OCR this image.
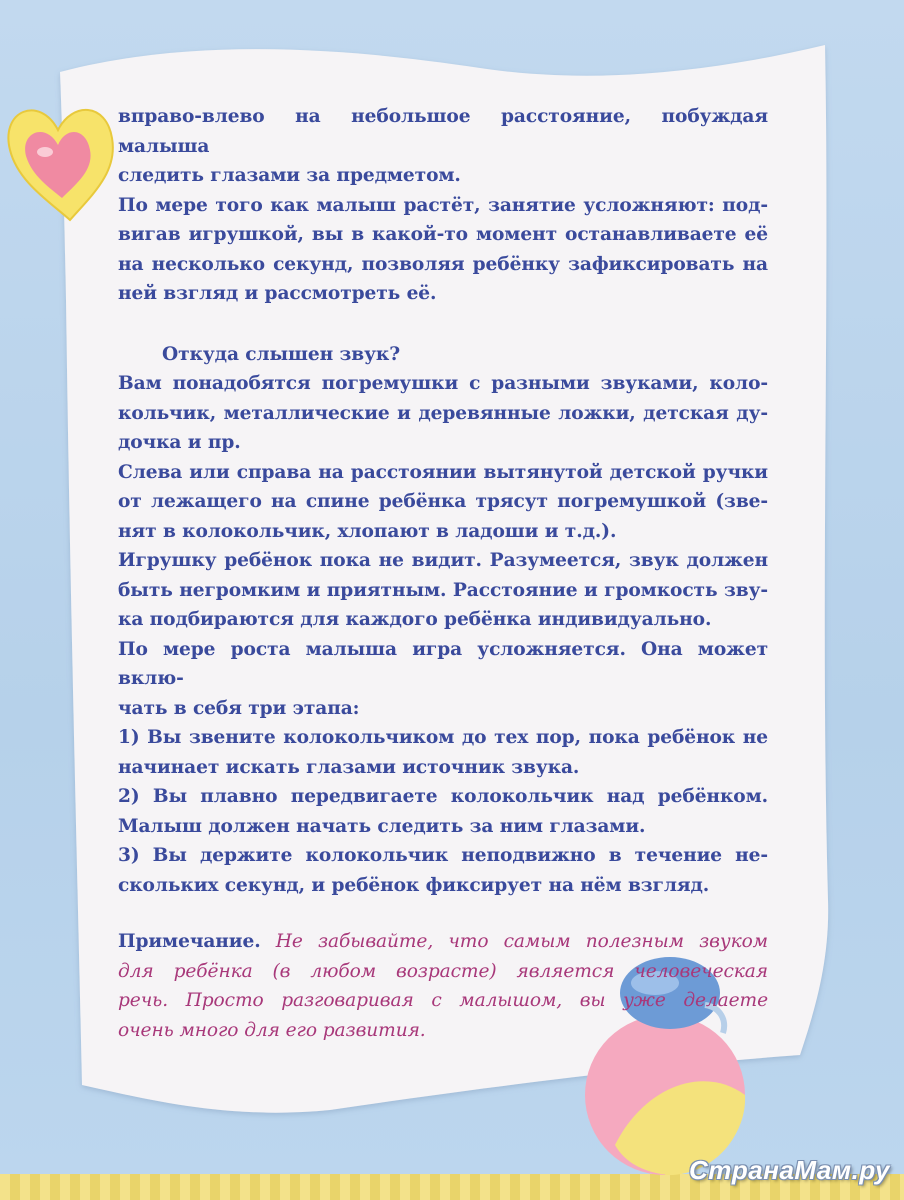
вправо-влево на небольшое расстояние, побуждая малыша

следить глазами за предметом.

По мере того как малыш растёт, занятие усложняют: под-

вигав игрушкой, вы в какой-то момент останавливаете её

на несколько секунд, позволяя ребёнку зафиксировать на

ней взгляд и рассмотреть её.

Откуда слышен звук?

Вам понадобятся погремушки с разными звуками, коло-

кольчик, металлические и деревянные ложки, детская ду-

дочка и пр.

Слева или справа на расстоянии вытянутой детской ручки

от лежащего на спине ребёнка трясут погремушкой (зве-

нят в колокольчик, хлопают в ладоши и т.д.).

Игрушку ребёнок пока не видит. Разумеется, звук должен

быть негромким и приятным. Расстояние и громкость зву-

ка подбираются для каждого ребёнка индивидуально.

По мере роста малыша игра усложняется. Она может вклю-

чать в себя три этапа:

1) Вы звените колокольчиком до тех пор, пока ребёнок не

начинает искать глазами источник звука.

2) Вы плавно передвигаете колокольчик над ребёнком.

Малыш должен начать следить за ним глазами.

3) Вы держите колокольчик неподвижно в течение не-

скольких секунд, и ребёнок фиксирует на нём взгляд.

Примечание. Не забывайте, что самым полезным звуком

для ребёнка (в любом возрасте) является человеческая

речь. Просто разговаривая с малышом, вы уже делаете

очень много для его развития.

СтранаМам.ру
